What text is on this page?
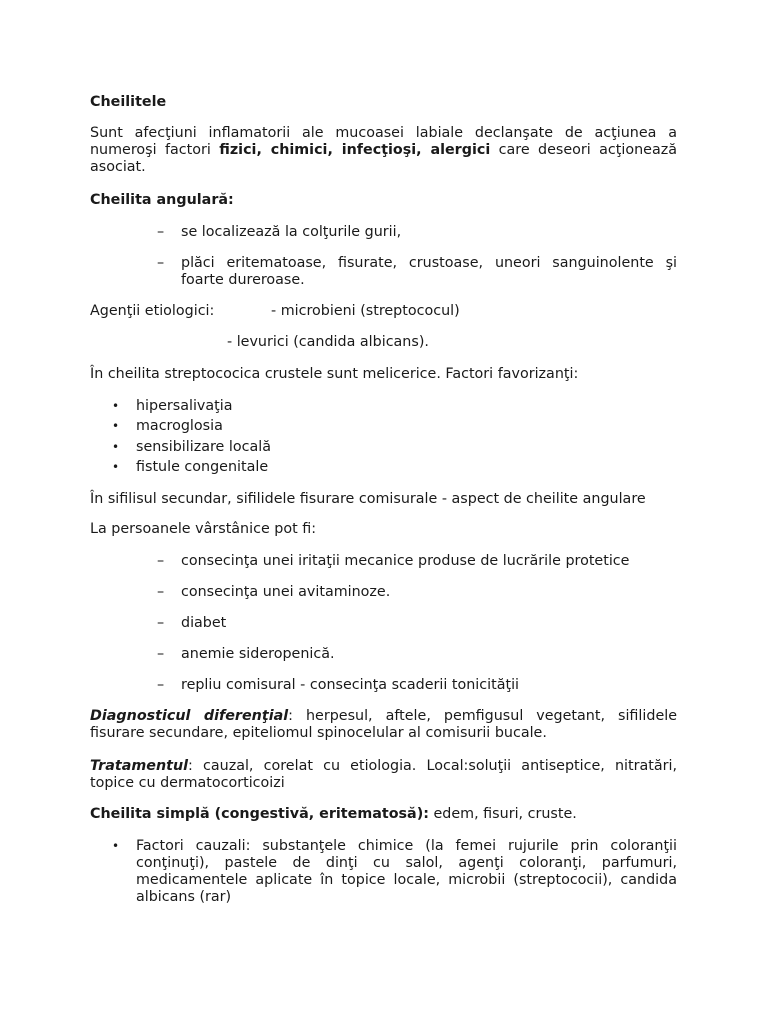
Cheilitele

Sunt afecţiuni inflamatorii ale mucoasei labiale declanşate de acţiunea a numeroşi factori fizici, chimici, infecţioşi, alergici care deseori acţionează asociat.

Cheilita angulară:
– se localizează la colţurile gurii,
– plăci eritematoase, fisurate, crustoase, uneori sanguinolente şi foarte dureroase.
Agenţii etiologici:	- microbieni (streptococul)
- levurici (candida albicans).
În cheilita streptococica crustele sunt melicerice. Factori favorizanţi:
• hipersalivaţia
• macroglosia
• sensibilizare locală
• fistule congenitale
În sifilisul secundar, sifilidele fisurare comisurale - aspect de cheilite angulare
La persoanele vârstânice pot fi:
– consecinţa unei iritaţii mecanice produse de lucrările protetice
– consecinţa unei avitaminoze.
– diabet
– anemie sideropenică.
– repliu comisural - consecinţa scaderii tonicităţii

Diagnosticul diferenţial: herpesul, aftele, pemfigusul vegetant, sifilidele fisurare secundare, epiteliomul spinocelular al comisurii bucale.

Tratamentul: cauzal, corelat cu etiologia. Local:soluţii antiseptice, nitratări, topice cu dermatocorticoizi

Cheilita simplă (congestivă, eritematosă): edem, fisuri, cruste.
• Factori cauzali: substanţele chimice (la femei rujurile prin coloranţii conţinuţi), pastele de dinţi cu salol, agenţi coloranţi, parfumuri, medicamentele aplicate în topice locale, microbii (streptococii), candida albicans (rar)
